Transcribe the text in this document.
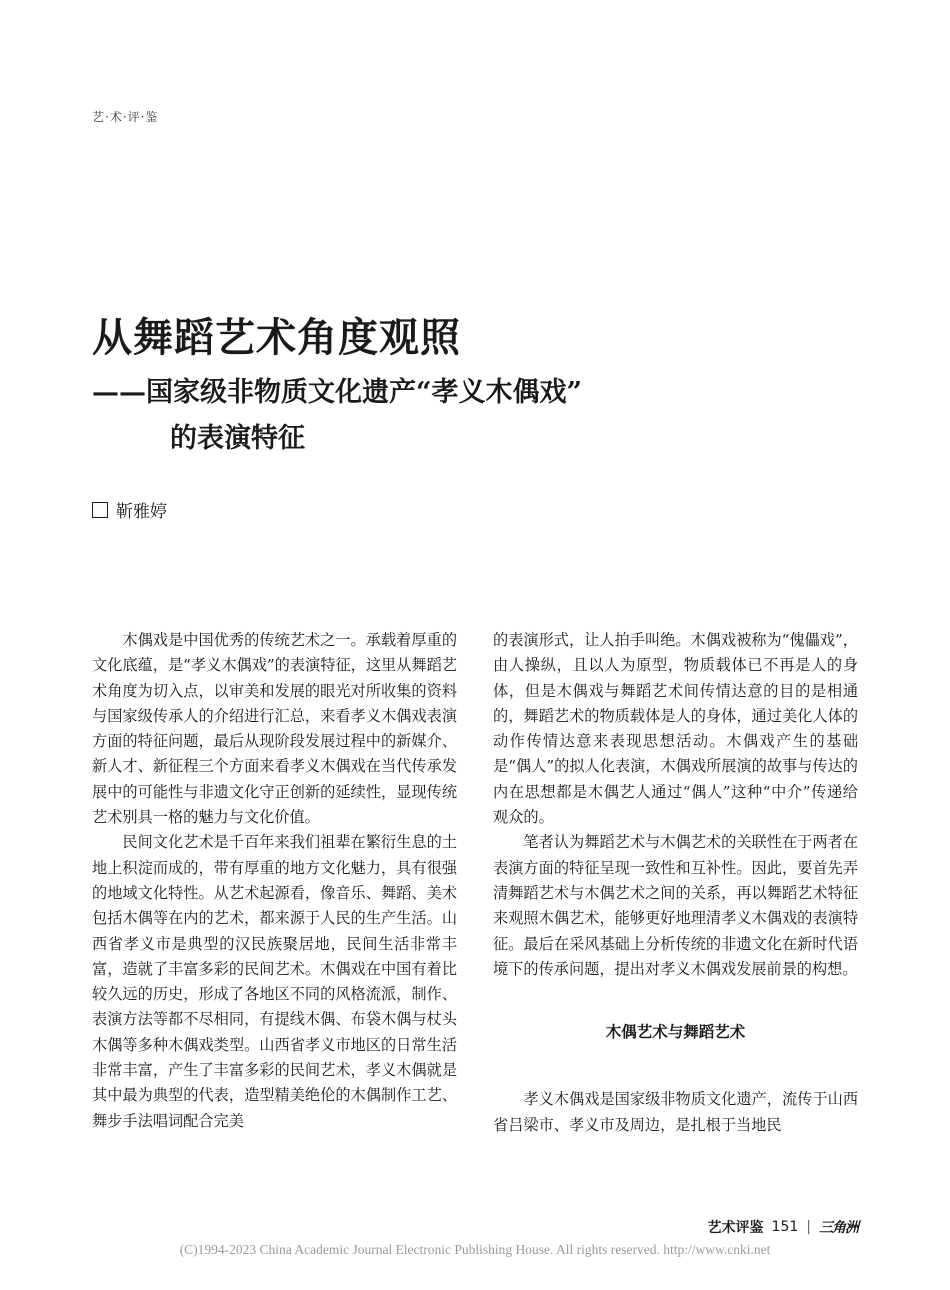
艺·术·评·鉴
从舞蹈艺术角度观照
——国家级非物质文化遗产“孝义木偶戏”
的表演特征
靳雅婷

木偶戏是中国优秀的传统艺术之一。承载着厚重的文化底蕴，是“孝义木偶戏”的表演特征，这里从舞蹈艺术角度为切入点，以审美和发展的眼光对所收集的资料与国家级传承人的介绍进行汇总，来看孝义木偶戏表演方面的特征问题，最后从现阶段发展过程中的新媒介、新人才、新征程三个方面来看孝义木偶戏在当代传承发展中的可能性与非遗文化守正创新的延续性，显现传统艺术别具一格的魅力与文化价值。

民间文化艺术是千百年来我们祖辈在繁衍生息的土地上积淀而成的，带有厚重的地方文化魅力，具有很强的地域文化特性。从艺术起源看，像音乐、舞蹈、美术包括木偶等在内的艺术，都来源于人民的生产生活。山西省孝义市是典型的汉民族聚居地，民间生活非常丰富，造就了丰富多彩的民间艺术。木偶戏在中国有着比较久远的历史，形成了各地区不同的风格流派，制作、表演方法等都不尽相同，有提线木偶、布袋木偶与杖头木偶等多种木偶戏类型。山西省孝义市地区的日常生活非常丰富，产生了丰富多彩的民间艺术，孝义木偶就是其中最为典型的代表，造型精美绝伦的木偶制作工艺、舞步手法唱词配合完美

的表演形式，让人拍手叫绝。木偶戏被称为“傀儡戏”，由人操纵，且以人为原型，物质载体已不再是人的身体，但是木偶戏与舞蹈艺术间传情达意的目的是相通的，舞蹈艺术的物质载体是人的身体，通过美化人体的动作传情达意来表现思想活动。木偶戏产生的基础是“偶人”的拟人化表演，木偶戏所展演的故事与传达的内在思想都是木偶艺人通过“偶人”这种“中介”传递给观众的。

笔者认为舞蹈艺术与木偶艺术的关联性在于两者在表演方面的特征呈现一致性和互补性。因此，要首先弄清舞蹈艺术与木偶艺术之间的关系，再以舞蹈艺术特征来观照木偶艺术，能够更好地理清孝义木偶戏的表演特征。最后在采风基础上分析传统的非遗文化在新时代语境下的传承问题，提出对孝义木偶戏发展前景的构想。

木偶艺术与舞蹈艺术

孝义木偶戏是国家级非物质文化遗产，流传于山西省吕梁市、孝义市及周边，是扎根于当地民

艺术评鉴 151 | 三角洲
(C)1994-2023 China Academic Journal Electronic Publishing House. All rights reserved. http://www.cnki.net
